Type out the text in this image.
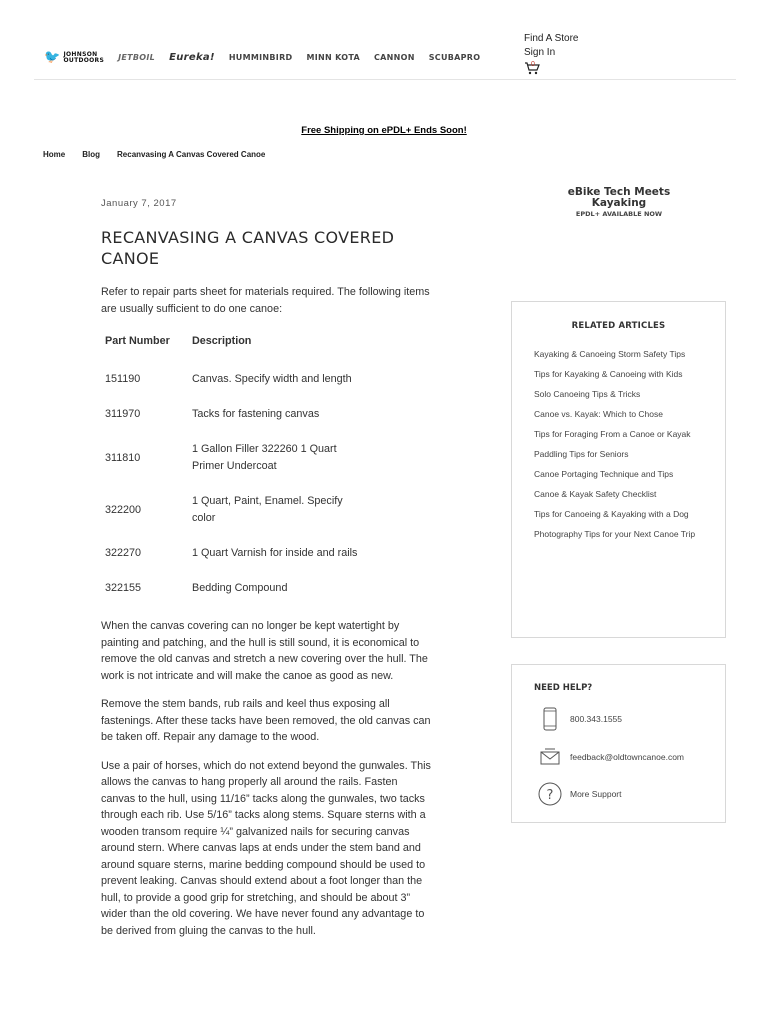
🐦 JOHNSON
OUTDOORS JETBOIL Eureka! HUMMINBIRD MINN KOTA CANNON SCUBAPRO
Find A Store
Sign In
0
Free Shipping on ePDL+ Ends Soon!
Home Blog Recanvasing A Canvas Covered Canoe
January 7, 2017
RECANVASING A CANVAS COVERED CANOE

Refer to repair parts sheet for materials required. The following items are usually sufficient to do one canoe:

Part Number	Description
151190	Canvas. Specify width and length
311970	Tacks for fastening canvas
311810	1 Gallon Filler 322260 1 Quart Primer Undercoat
322200	1 Quart, Paint, Enamel. Specify color
322270	1 Quart Varnish for inside and rails
322155	Bedding Compound

When the canvas covering can no longer be kept watertight by painting and patching, and the hull is still sound, it is economical to remove the old canvas and stretch a new covering over the hull. The work is not intricate and will make the canoe as good as new.

Remove the stem bands, rub rails and keel thus exposing all fastenings. After these tacks have been removed, the old canvas can be taken off. Repair any damage to the wood.

Use a pair of horses, which do not extend beyond the gunwales. This allows the canvas to hang properly all around the rails. Fasten canvas to the hull, using 11/16” tacks along the gunwales, two tacks through each rib. Use 5/16” tacks along stems. Square sterns with a wooden transom require ¼” galvanized nails for securing canvas around stern. Where canvas laps at ends under the stem band and around square sterns, marine bedding compound should be used to prevent leaking. Canvas should extend about a foot longer than the hull, to provide a good grip for stretching, and should be about 3” wider than the old covering. We have never found any advantage to be derived from gluing the canvas to the hull.

eBike Tech Meets Kayaking
EPDL+ AVAILABLE NOW
RELATED ARTICLES
Kayaking & Canoeing Storm Safety Tips
Tips for Kayaking & Canoeing with Kids
Solo Canoeing Tips & Tricks
Canoe vs. Kayak: Which to Chose
Tips for Foraging From a Canoe or Kayak
Paddling Tips for Seniors
Canoe Portaging Technique and Tips
Canoe & Kayak Safety Checklist
Tips for Canoeing & Kayaking with a Dog
Photography Tips for your Next Canoe Trip
NEED HELP?
800.343.1555
feedback@oldtowncanoe.com
? More Support
